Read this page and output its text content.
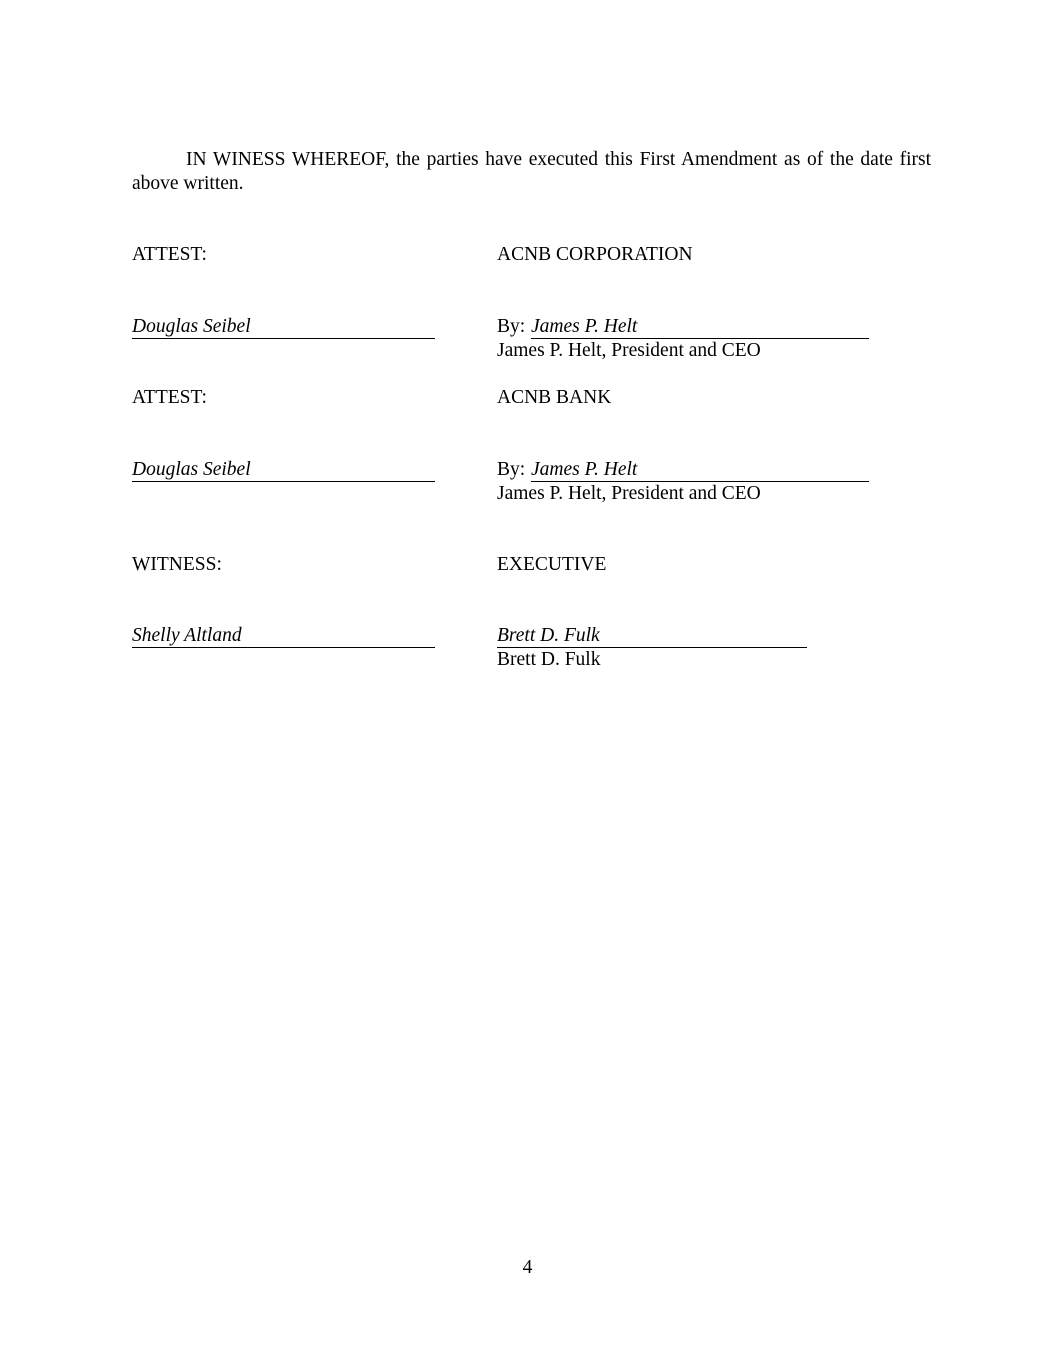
IN WINESS WHEREOF, the parties have executed this First Amendment as of the date first above written.
ATTEST:	ACNB CORPORATION
Douglas Seibel	By: James P. Helt
James P. Helt, President and CEO
ATTEST:	ACNB BANK
Douglas Seibel	By: James P. Helt
James P. Helt, President and CEO
WITNESS:	EXECUTIVE
Shelly Altland	Brett D. Fulk
Brett D. Fulk
4
